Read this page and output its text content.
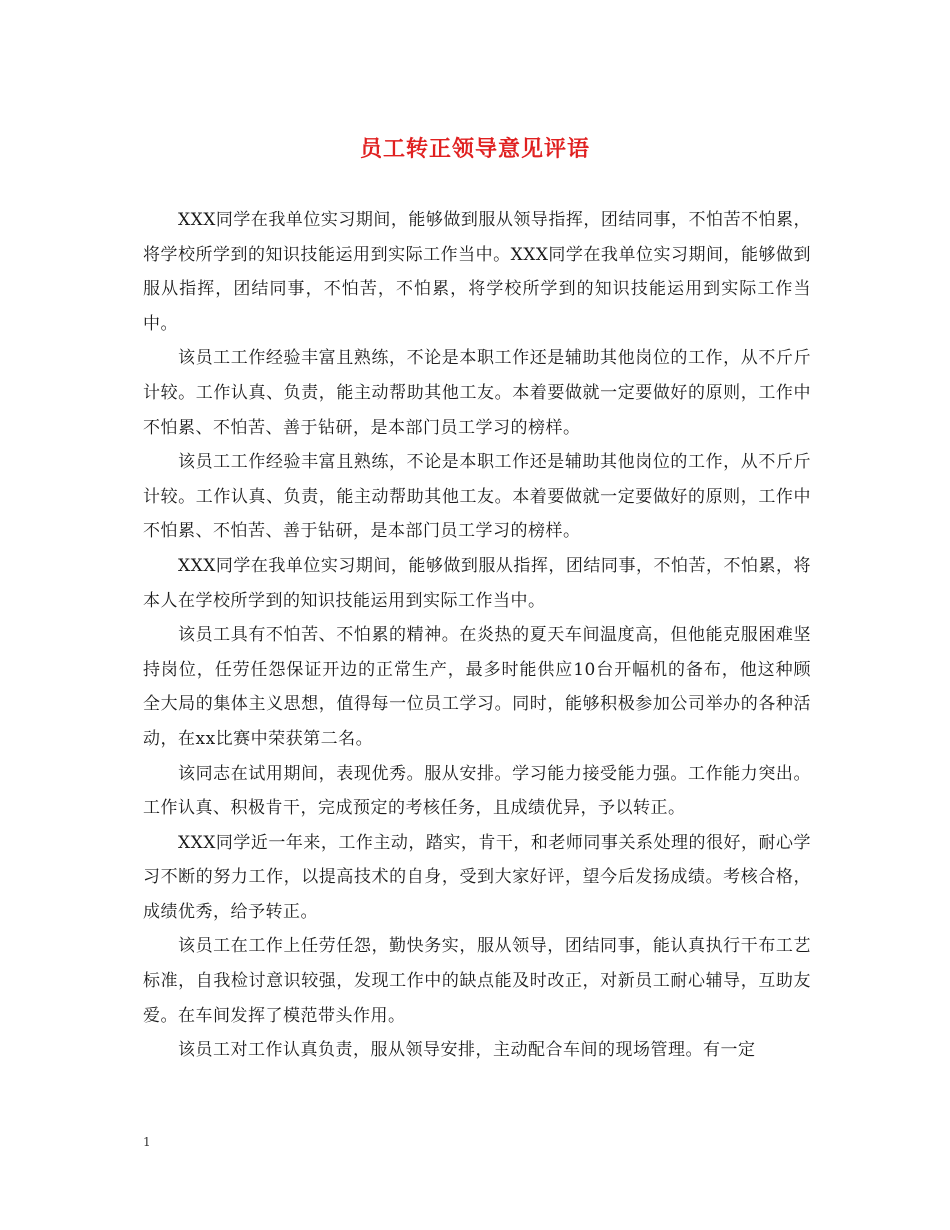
员工转正领导意见评语

XXX同学在我单位实习期间，能够做到服从领导指挥，团结同事，不怕苦不怕累，将学校所学到的知识技能运用到实际工作当中。XXX同学在我单位实习期间，能够做到服从指挥，团结同事，不怕苦，不怕累，将学校所学到的知识技能运用到实际工作当中。

该员工工作经验丰富且熟练，不论是本职工作还是辅助其他岗位的工作，从不斤斤计较。工作认真、负责，能主动帮助其他工友。本着要做就一定要做好的原则，工作中不怕累、不怕苦、善于钻研，是本部门员工学习的榜样。

该员工工作经验丰富且熟练，不论是本职工作还是辅助其他岗位的工作，从不斤斤计较。工作认真、负责，能主动帮助其他工友。本着要做就一定要做好的原则，工作中不怕累、不怕苦、善于钻研，是本部门员工学习的榜样。

XXX同学在我单位实习期间，能够做到服从指挥，团结同事，不怕苦，不怕累，将本人在学校所学到的知识技能运用到实际工作当中。

该员工具有不怕苦、不怕累的精神。在炎热的夏天车间温度高，但他能克服困难坚持岗位，任劳任怨保证开边的正常生产，最多时能供应10台开幅机的备布，他这种顾全大局的集体主义思想，值得每一位员工学习。同时，能够积极参加公司举办的各种活动，在xx比赛中荣获第二名。

该同志在试用期间，表现优秀。服从安排。学习能力接受能力强。工作能力突出。工作认真、积极肯干，完成预定的考核任务，且成绩优异，予以转正。

XXX同学近一年来，工作主动，踏实，肯干，和老师同事关系处理的很好，耐心学习不断的努力工作，以提高技术的自身，受到大家好评，望今后发扬成绩。考核合格，成绩优秀，给予转正。

该员工在工作上任劳任怨，勤快务实，服从领导，团结同事，能认真执行干布工艺标准，自我检讨意识较强，发现工作中的缺点能及时改正，对新员工耐心辅导，互助友爱。在车间发挥了模范带头作用。

该员工对工作认真负责，服从领导安排，主动配合车间的现场管理。有一定

1
